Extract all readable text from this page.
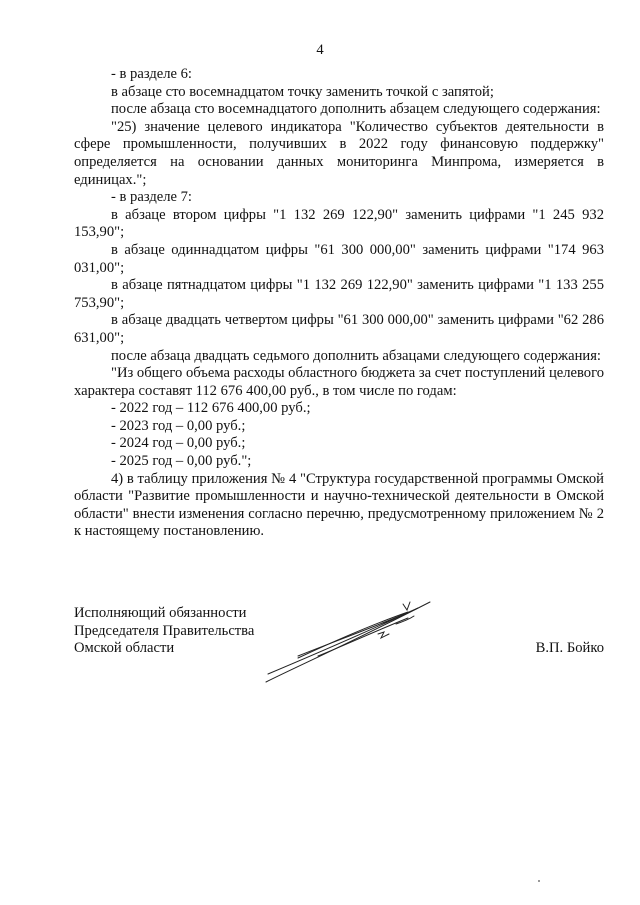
4

- в разделе 6:

в абзаце сто восемнадцатом точку заменить точкой с запятой;

после абзаца сто восемнадцатого дополнить абзацем следующего содержания:

"25) значение целевого индикатора "Количество субъектов деятельности в сфере промышленности, получивших в 2022 году финансовую поддержку" определяется на основании данных мониторинга Минпрома, измеряется в единицах.";

- в разделе 7:

в абзаце втором цифры "1 132 269 122,90" заменить цифрами "1 245 932 153,90";

в абзаце одиннадцатом цифры "61 300 000,00" заменить цифрами "174 963 031,00";

в абзаце пятнадцатом цифры "1 132 269 122,90" заменить цифрами "1 133 255 753,90";

в абзаце двадцать четвертом цифры "61 300 000,00" заменить цифрами "62 286 631,00";

после абзаца двадцать седьмого дополнить абзацами следующего содержания:

"Из общего объема расходы областного бюджета за счет поступлений целевого характера составят 112 676 400,00 руб., в том числе по годам:

- 2022 год – 112 676 400,00 руб.;

- 2023 год – 0,00 руб.;

- 2024 год – 0,00 руб.;

- 2025 год – 0,00 руб.";

4) в таблицу приложения № 4 "Структура государственной программы Омской области "Развитие промышленности и научно-технической деятельности в Омской области" внести изменения согласно перечню, предусмотренному приложением № 2 к настоящему постановлению.

Исполняющий обязанности
Председателя Правительства
Омской области	В.П. Бойко
